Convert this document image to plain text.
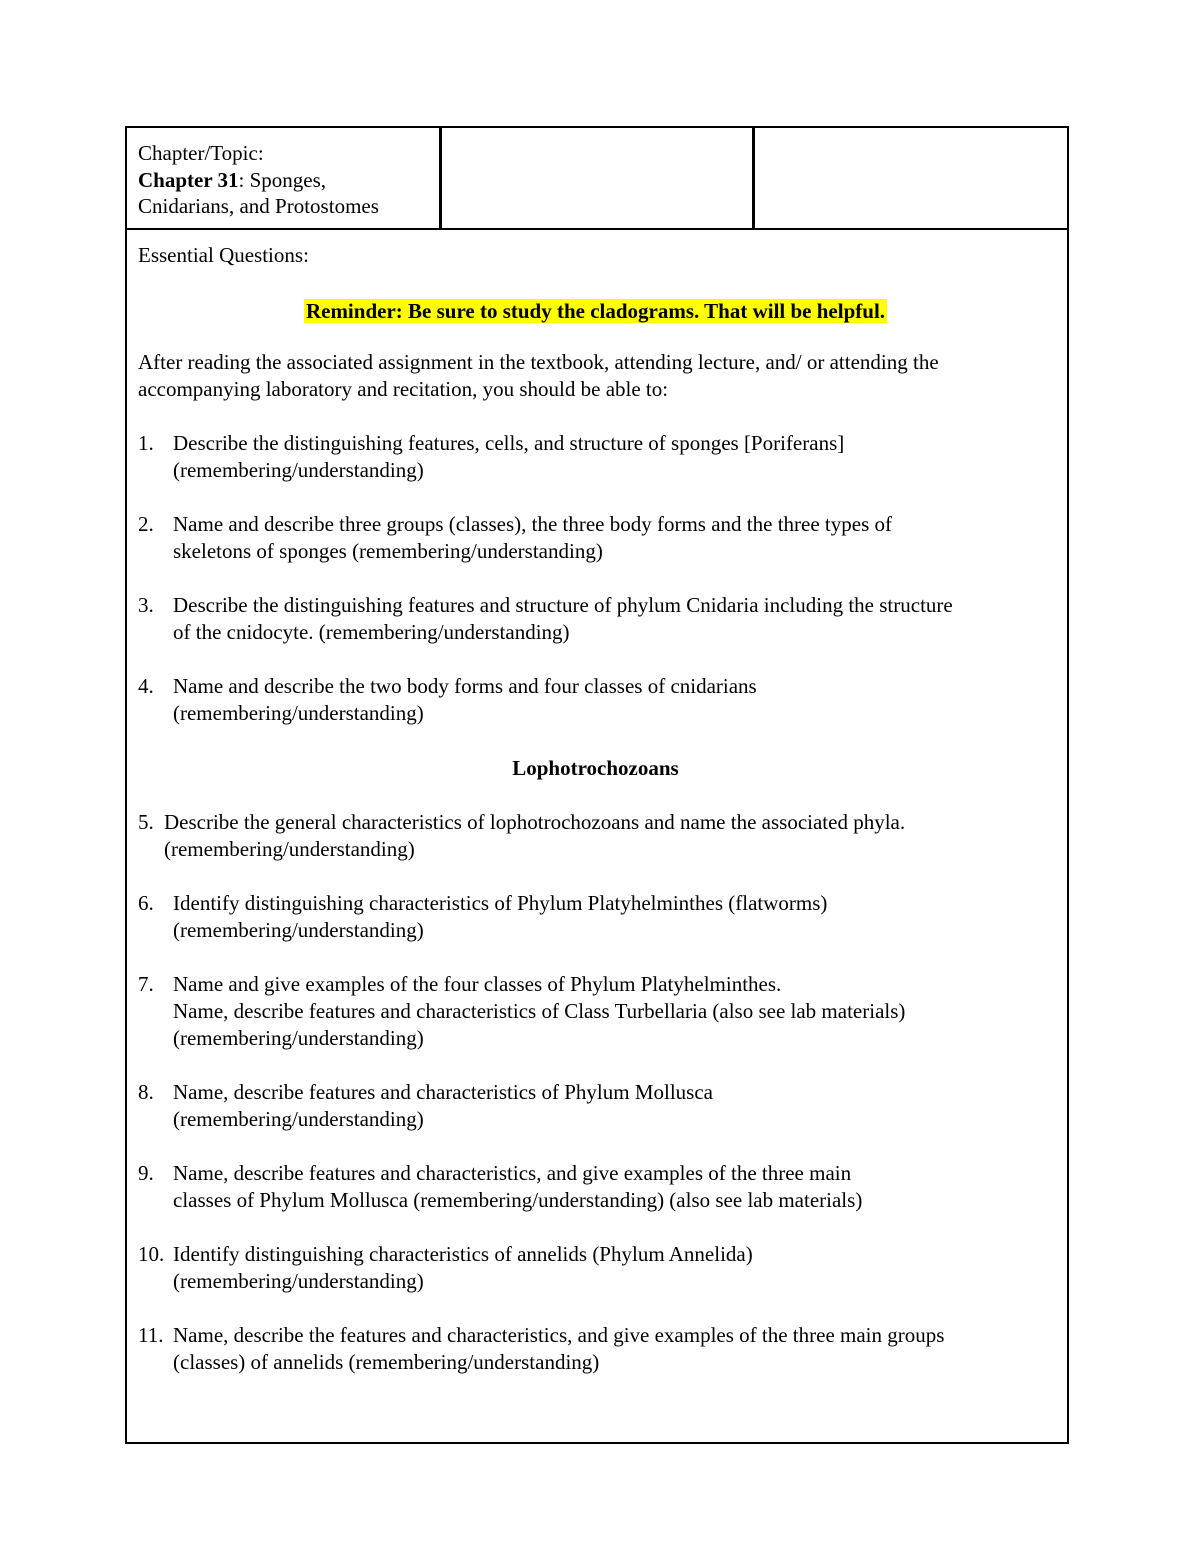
Chapter/Topic:
Chapter 31: Sponges,
Cnidarians, and Protostomes

Essential Questions:

Reminder: Be sure to study the cladograms. That will be helpful.

After reading the associated assignment in the textbook, attending lecture, and/ or attending the
accompanying laboratory and recitation, you should be able to:

1. Describe the distinguishing features, cells, and structure of sponges [Poriferans]
(remembering/understanding)
2. Name and describe three groups (classes), the three body forms and the three types of
skeletons of sponges (remembering/understanding)
3. Describe the distinguishing features and structure of phylum Cnidaria including the structure
of the cnidocyte. (remembering/understanding)
4. Name and describe the two body forms and four classes of cnidarians
(remembering/understanding)
Lophotrochozoans
5. Describe the general characteristics of lophotrochozoans and name the associated phyla.
(remembering/understanding)
6. Identify distinguishing characteristics of Phylum Platyhelminthes (flatworms)
(remembering/understanding)
7. Name and give examples of the four classes of Phylum Platyhelminthes.
Name, describe features and characteristics of Class Turbellaria (also see lab materials)
(remembering/understanding)
8. Name, describe features and characteristics of Phylum Mollusca
(remembering/understanding)
9. Name, describe features and characteristics, and give examples of the three main
classes of Phylum Mollusca (remembering/understanding) (also see lab materials)
10. Identify distinguishing characteristics of annelids (Phylum Annelida)
(remembering/understanding)
11. Name, describe the features and characteristics, and give examples of the three main groups
(classes) of annelids (remembering/understanding)
